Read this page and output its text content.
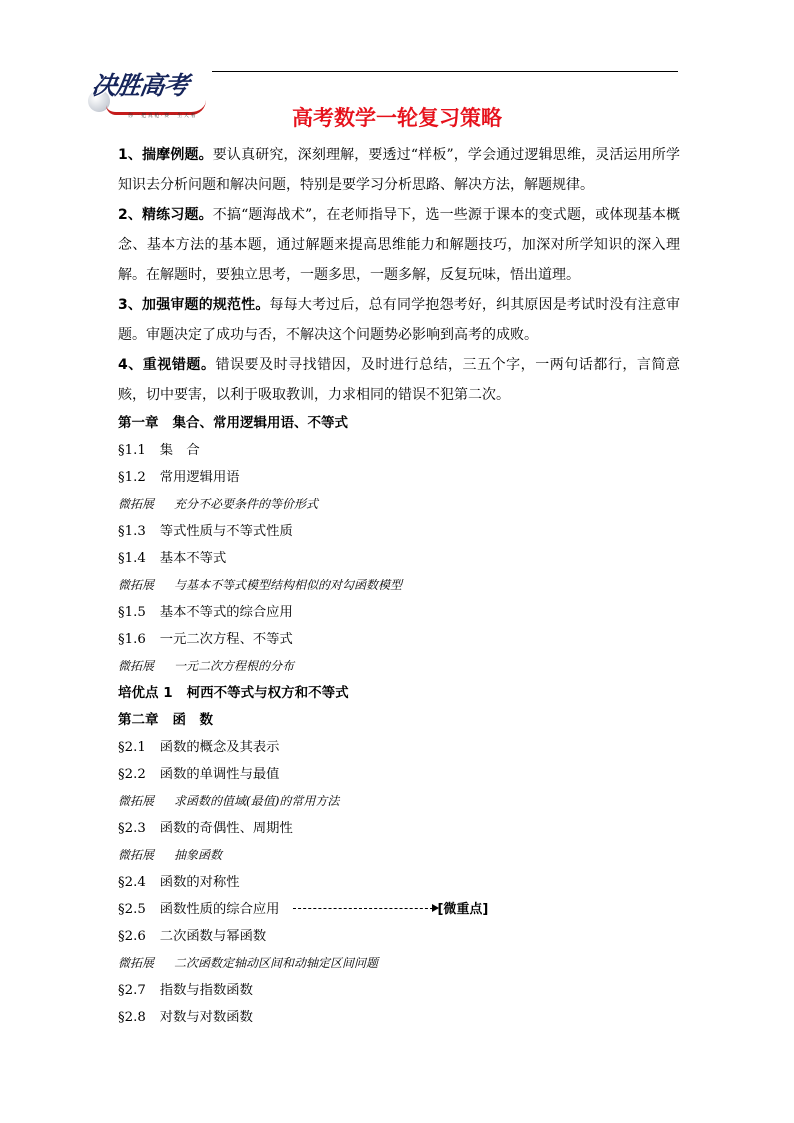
决胜高考
你 一 把 真 枪 · 赛 一 生 天 着	高考数学一轮复习策略

1、揣摩例题。要认真研究，深刻理解，要透过“样板”，学会通过逻辑思维，灵活运用所学知识去分析问题和解决问题，特别是要学习分析思路、解决方法，解题规律。

2、精练习题。不搞“题海战术”，在老师指导下，选一些源于课本的变式题，或体现基本概念、基本方法的基本题，通过解题来提高思维能力和解题技巧，加深对所学知识的深入理解。在解题时，要独立思考，一题多思，一题多解，反复玩味，悟出道理。

3、加强审题的规范性。每每大考过后，总有同学抱怨考好，纠其原因是考试时没有注意审题。审题决定了成功与否，不解决这个问题势必影响到高考的成败。

4、重视错题。错误要及时寻找错因，及时进行总结，三五个字，一两句话都行，言简意赅，切中要害，以利于吸取教训，力求相同的错误不犯第二次。

第一章 集合、常用逻辑用语、不等式
§1.1 集　合
§1.2 常用逻辑用语
微拓展 充分不必要条件的等价形式
§1.3 等式性质与不等式性质
§1.4 基本不等式
微拓展 与基本不等式模型结构相似的对勾函数模型
§1.5 基本不等式的综合应用
§1.6 一元二次方程、不等式
微拓展 一元二次方程根的分布
培优点 1 柯西不等式与权方和不等式
第二章 函　数
§2.1 函数的概念及其表示
§2.2 函数的单调性与最值
微拓展 求函数的值域(最值)的常用方法
§2.3 函数的奇偶性、周期性
微拓展 抽象函数
§2.4 函数的对称性
§2.5 函数性质的综合应用	[微重点]
§2.6 二次函数与幂函数
微拓展 二次函数定轴动区间和动轴定区间问题
§2.7 指数与指数函数
§2.8 对数与对数函数
